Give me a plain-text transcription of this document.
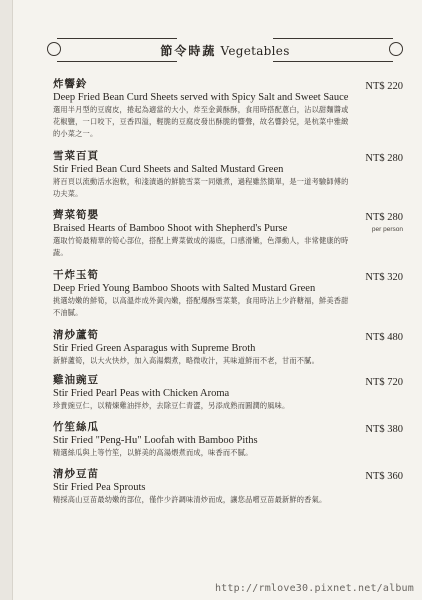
節令時蔬 Vegetables
炸響鈴
Deep Fried Bean Curd Sheets served with Spicy Salt and Sweet Sauce
選用半月型的豆腐皮，捲起為適當的大小，炸至金黃酥酥，食用時搭配蔥白，沾以甜麵醬或花椒鹽，一口咬下，豆香四溢，輕脆的豆腐皮發出酥脆的響聲，故名響鈴兒，是杭菜中雅緻的小菜之一。
NT$ 220
雪菜百頁
Stir Fried Bean Curd Sheets and Salted Mustard Green
將百頁以流動活水泡軟，和淺漬過的鮮脆雪菜一同燉煮，過程雖然簡單，是一道考驗師傅的功夫菜。
NT$ 280
薺菜筍嬰
Braised Hearts of Bamboo Shoot with Shepherd's Purse
選取竹筍最精華的筍心部位，搭配上薺菜做成的湯底，口感滑嫩，色澤動人，非常健康的時蔬。
NT$ 280
per person
干炸玉筍
Deep Fried Young Bamboo Shoots with Salted Mustard Green
挑選幼嫩的鮮筍，以高溫炸成外黃內嫩，搭配爆酥雪菜葉，食用時沾上少許糖福，鮮美香甜不油膩。
NT$ 320
清炒蘆筍
Stir Fried Green Asparagus with Supreme Broth
新鮮蘆筍，以大火快炒，加入高湯燜煮，略微收汁，其味道鮮而不老，甘而不膩。
NT$ 480
雞油豌豆
Stir Fried Pearl Peas with Chicken Aroma
珍貴豌豆仁，以精煉雞油拌炒，去除豆仁青澀，另添成熟而圓潤的風味。
NT$ 720
竹笙絲瓜
Stir Fried "Peng-Hu" Loofah with Bamboo Piths
精選絲瓜與上等竹笙，以鮮美的高湯煨煮而成，味香而不膩。
NT$ 380
清炒豆苗
Stir Fried Pea Sprouts
精採高山豆苗最幼嫩的部位，僅作少許調味清炒而成，讓您品嚐豆苗最新鮮的香氣。
NT$ 360
http://rmlove30.pixnet.net/album
